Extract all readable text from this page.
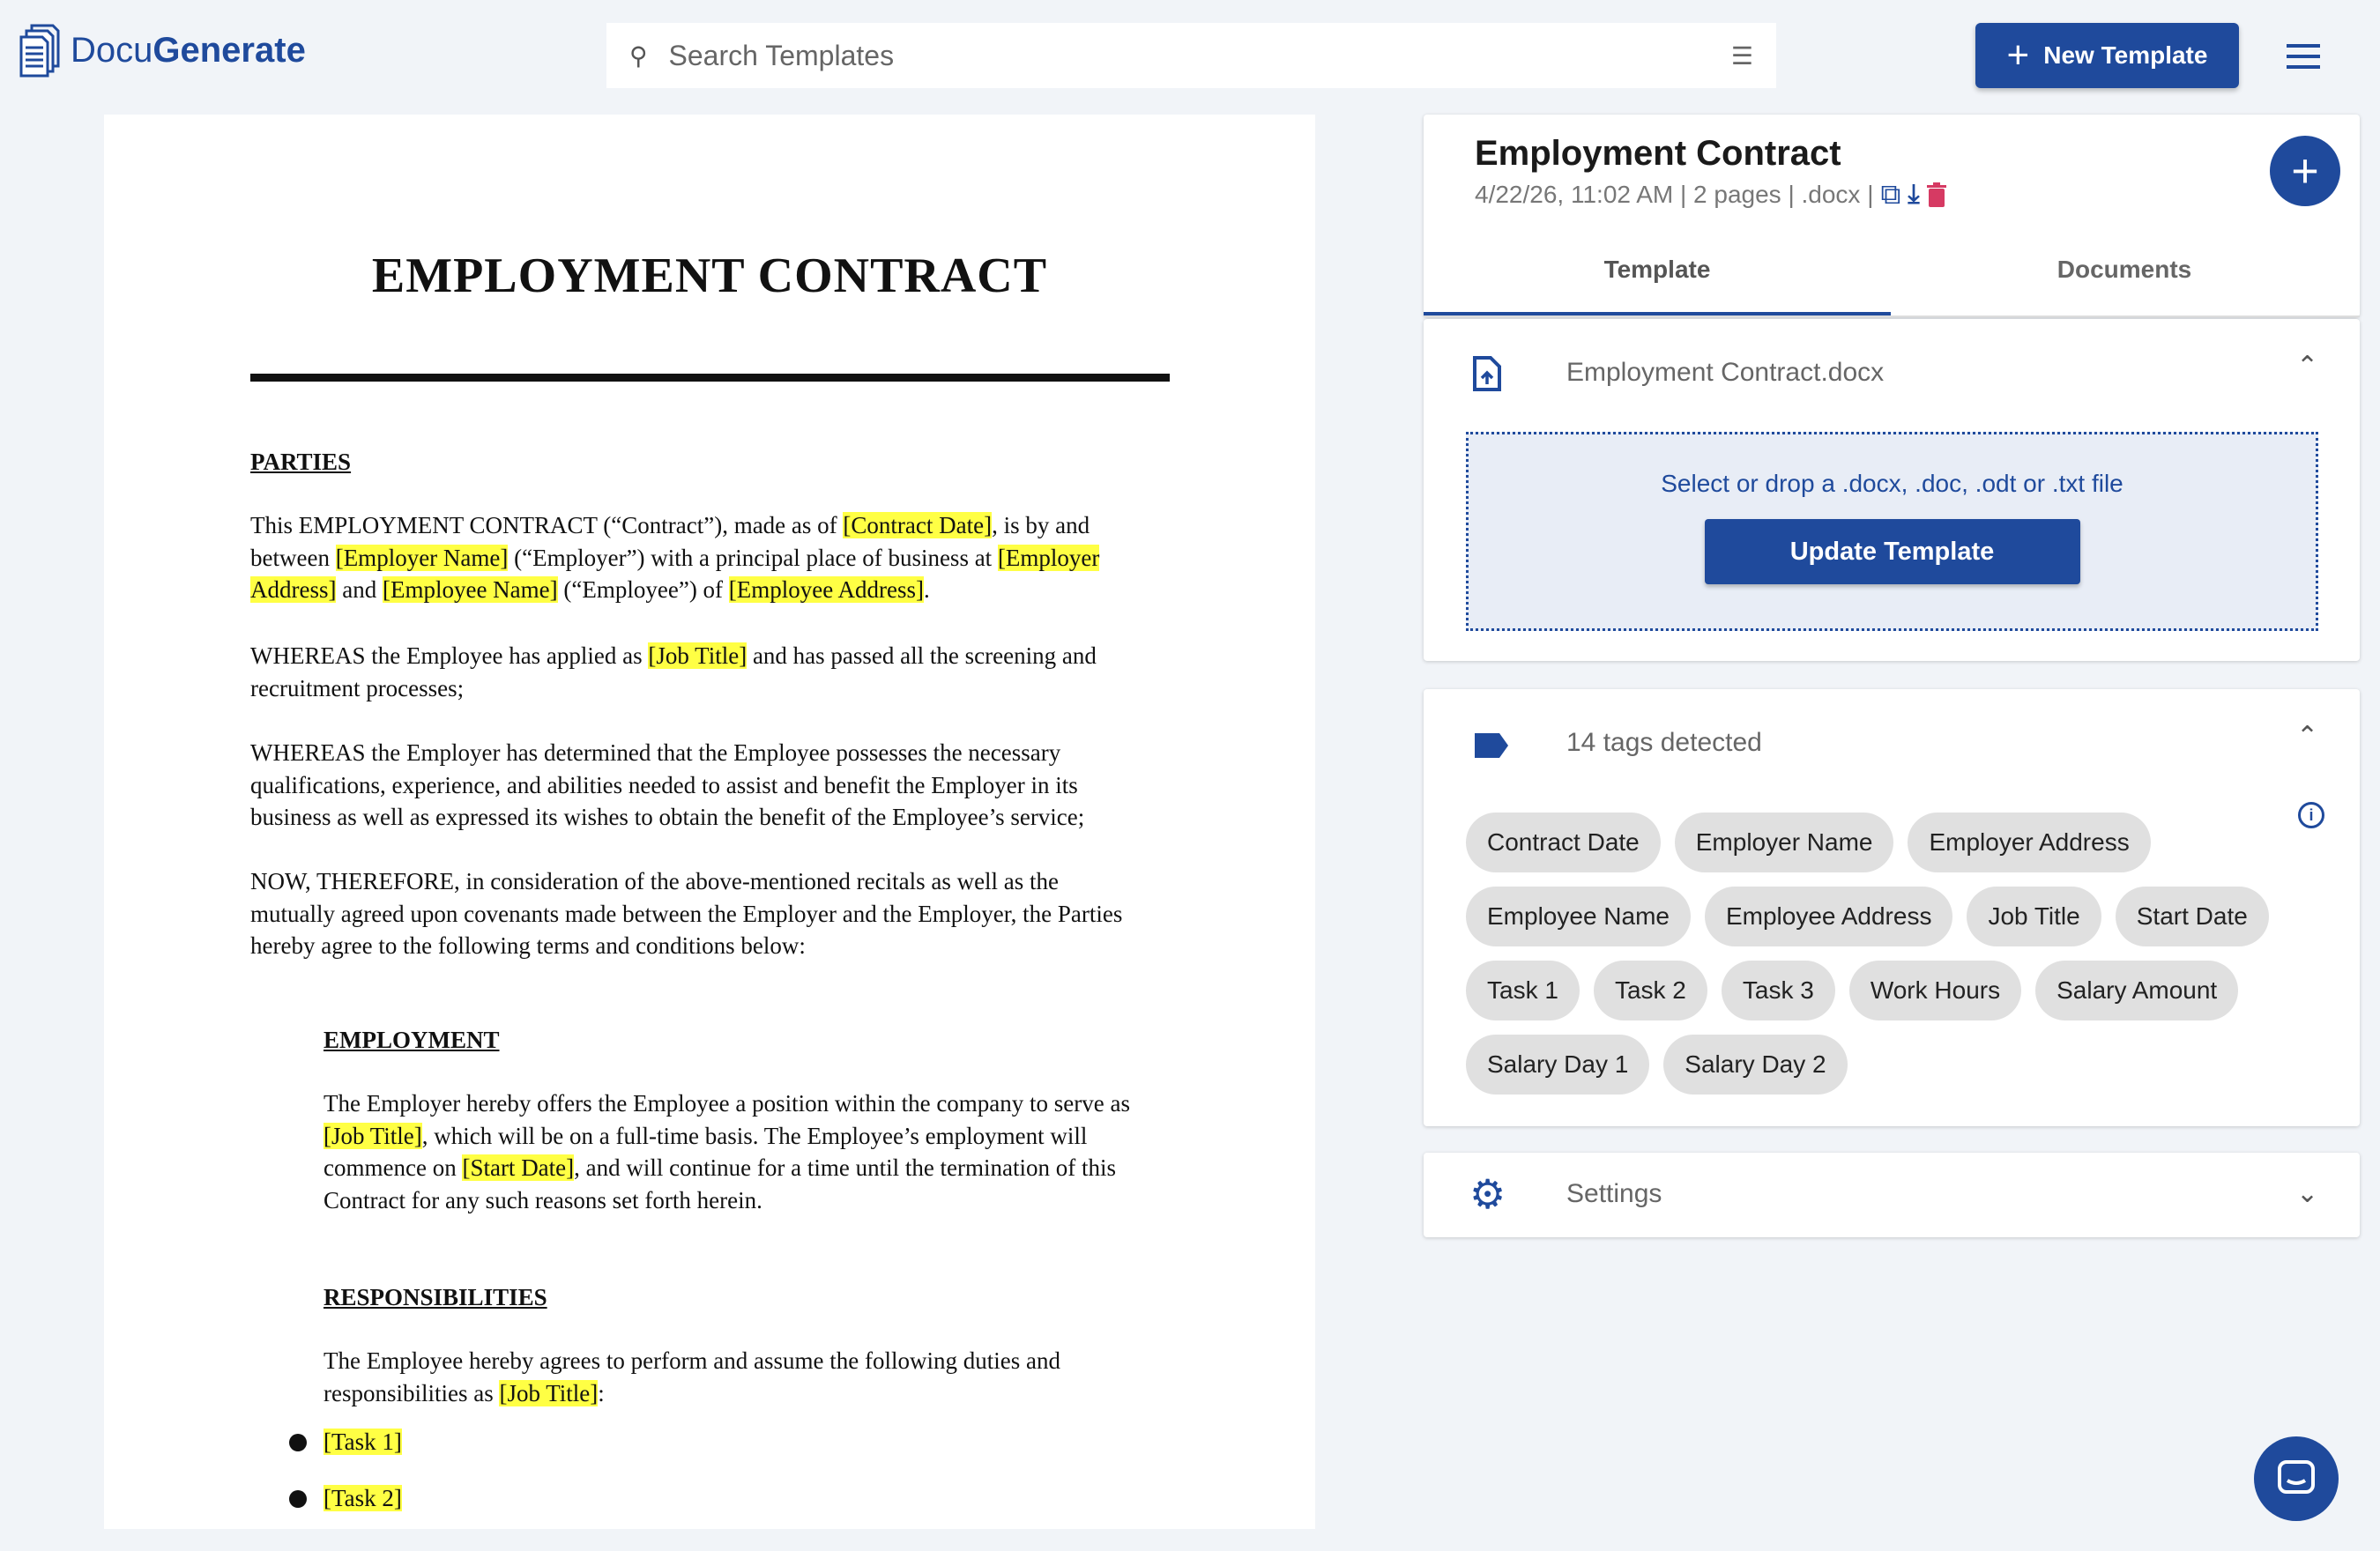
Docu Generate	⚲ Search Templates	☰	+ New Template
EMPLOYMENT CONTRACT
PARTIES

This EMPLOYMENT CONTRACT (“Contract”), made as of [Contract Date], is by and between [Employer Name] (“Employer”) with a principal place of business at [Employer Address] and [Employee Name] (“Employee”) of [Employee Address].

WHEREAS the Employee has applied as [Job Title] and has passed all the screening and recruitment processes;

WHEREAS the Employer has determined that the Employee possesses the necessary qualifications, experience, and abilities needed to assist and benefit the Employer in its business as well as expressed its wishes to obtain the benefit of the Employee’s service;

NOW, THEREFORE, in consideration of the above-mentioned recitals as well as the mutually agreed upon covenants made between the Employer and the Employer, the Parties hereby agree to the following terms and conditions below:

EMPLOYMENT

The Employer hereby offers the Employee a position within the company to serve as [Job Title], which will be on a full-time basis. The Employee’s employment will commence on [Start Date], and will continue for a time until the termination of this Contract for any such reasons set forth herein.

RESPONSIBILITIES

The Employee hereby agrees to perform and assume the following duties and responsibilities as [Job Title]:

[Task 1]

[Task 2]

Employment Contract
4/22/26, 11:02 AM | 2 pages | .docx | ⧉ ⤓	+
Template	Documents
Employment Contract.docx	⌃
Select or drop a .docx, .doc, .odt or .txt file
Update Template
14 tags detected	⌃
i
Contract Date	Employer Name	Employer Address
Employee Name	Employee Address	Job Title	Start Date
Task 1	Task 2	Task 3	Work Hours	Salary Amount
Salary Day 1	Salary Day 2
⚙ Settings	⌃
